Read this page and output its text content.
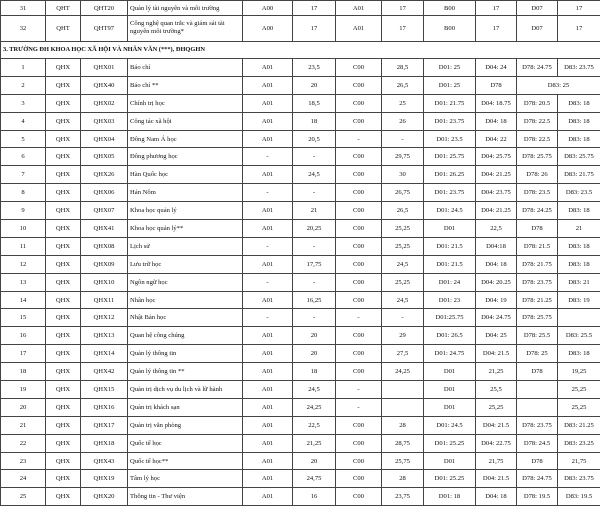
31	QHT	QHT20	Quản lý tài nguyên và môi trường	A00	17	A01	17	B00	17	D07	17
32	QHT	QHT97	Công nghệ quan trắc và giám sát tài nguyên môi trường*	A00	17	A01	17	B00	17	D07	17
3. TRƯỜNG ĐH KHOA HỌC XÃ HỘI VÀ NHÂN VĂN (***), ĐHQGHN											
1	QHX	QHX01	Báo chí	A01	23,5	C00	28,5	D01: 25	D04: 24	D78: 24.75	D83: 23.75
2	QHX	QHX40	Báo chí **	A01	20	C00	26,5	D01: 25	D78	D83: 25	
3	QHX	QHX02	Chính trị học	A01	18,5	C00	25	D01: 21.75	D04: 18.75	D78: 20.5	D83: 18
4	QHX	QHX03	Công tác xã hội	A01	18	C00	26	D01: 23.75	D04: 18	D78: 22.5	D83: 18
5	QHX	QHX04	Đông Nam Á học	A01	20,5	-	-	D01: 23.5	D04: 22	D78: 22.5	D83: 18
6	QHX	QHX05	Đông phương học	-	-	C00	29,75	D01: 25.75	D04: 25.75	D78: 25.75	D83: 25.75
7	QHX	QHX26	Hàn Quốc học	A01	24,5	C00	30	D01: 26.25	D04: 21.25	D78: 26	D83: 21.75
8	QHX	QHX06	Hán Nôm	-	-	C00	26,75	D01: 23.75	D04: 23.75	D78: 23.5	D83: 23.5
9	QHX	QHX07	Khoa học quản lý	A01	21	C00	26,5	D01: 24.5	D04: 21.25	D78: 24.25	D83: 18
10	QHX	QHX41	Khoa học quản lý**	A01	20,25	C00	25,25	D01	22,5	D78	21
11	QHX	QHX08	Lịch sử	-	-	C00	25,25	D01: 21.5	D04:18	D78: 21.5	D83: 18
12	QHX	QHX09	Lưu trữ học	A01	17,75	C00	24,5	D01: 21.5	D04: 18	D78: 21.75	D83: 18
13	QHX	QHX10	Ngôn ngữ học	-	-	C00	25,25	D01: 24	D04: 20.25	D78: 23.75	D83: 21
14	QHX	QHX11	Nhân học	A01	16,25	C00	24,5	D01: 23	D04: 19	D78: 21.25	D83: 19
15	QHX	QHX12	Nhật Bản học	-	-	-	-	D01:25.75	D04: 24.75	D78: 25.75	
16	QHX	QHX13	Quan hệ công chúng	A01	20	C00	29	D01: 26.5	D04: 25	D78: 25.5	D83: 25.5
17	QHX	QHX14	Quản lý thông tin	A01	20	C00	27,5	D01: 24.75	D04: 21.5	D78: 25	D83: 18
18	QHX	QHX42	Quản lý thông tin **	A01	18	C00	24,25	D01	21,25	D78	19,25
19	QHX	QHX15	Quản trị dịch vụ du lịch và lữ hành	A01	24,5	-		D01	25,5		25,25
20	QHX	QHX16	Quản trị khách sạn	A01	24,25	-		D01	25,25		25,25
21	QHX	QHX17	Quản trị văn phòng	A01	22,5	C00	28	D01: 24.5	D04: 21.5	D78: 23.75	D83: 21.25
22	QHX	QHX18	Quốc tế học	A01	21,25	C00	28,75	D01: 25.25	D04: 22.75	D78: 24.5	D83: 23.25
23	QHX	QHX43	Quốc tế học**	A01	20	C00	25,75	D01	21,75	D78	21,75
24	QHX	QHX19	Tâm lý học	A01	24,75	C00	28	D01: 25.25	D04: 21.5	D78: 24.75	D83: 23.75
25	QHX	QHX20	Thông tin - Thư viện	A01	16	C00	23,75	D01: 18	D04: 18	D78: 19.5	D83: 19.5
